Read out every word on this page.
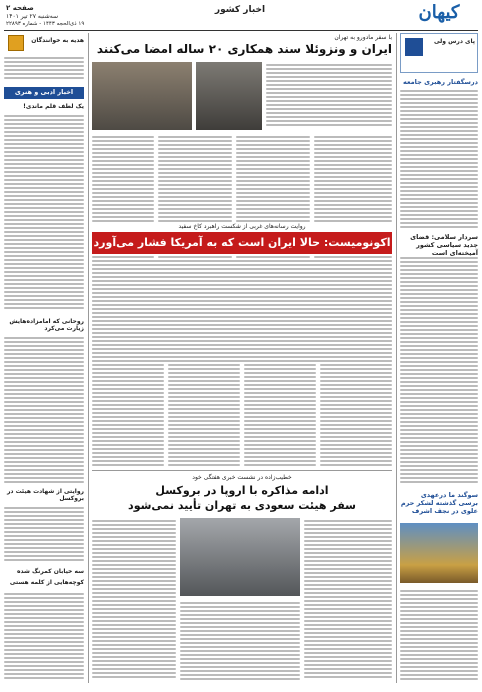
صفحه ۲
سه‌شنبه ۲۷ تیر ۱۴۰۱
۱۹ ذی‌الحجه ۱۴۴۳ - شماره ۲۲۸۹۳
اخبار کشور	کیهان
پای درس ولی
درسگفتار رهبری جامعه
سردار سلامی: قضای جدید سیاسی کشور آمیخته‌ای است
سوگند ما درعهدی برسی گذشته لشکر حرم علوی در نجف اشرف
هدیه به خوانندگان
اخبار ادبی و هنری
یک لطف قلم ماندی!
روحانی که امامزاده‌هایش زیارت می‌کرد
روایتی از شهادت هیئت در بروکسل
سه خیابان کمرنگ شده
کوچه‌هایی از کلمه هستی
با سفر مادورو به تهران
ایران و ونزوئلا سند همکاری ۲۰ ساله امضا می‌کنند
روایت رسانه‌های غربی از شکست راهبرد کاخ سفید
اکونومیست: حالا ایران است که به آمریکا فشار می‌آورد
خطیب‌زاده در نشست خبری هفتگی خود
ادامه مذاکره با اروپا در بروکسل
سفر هیئت سعودی به تهران تأیید نمی‌شود
